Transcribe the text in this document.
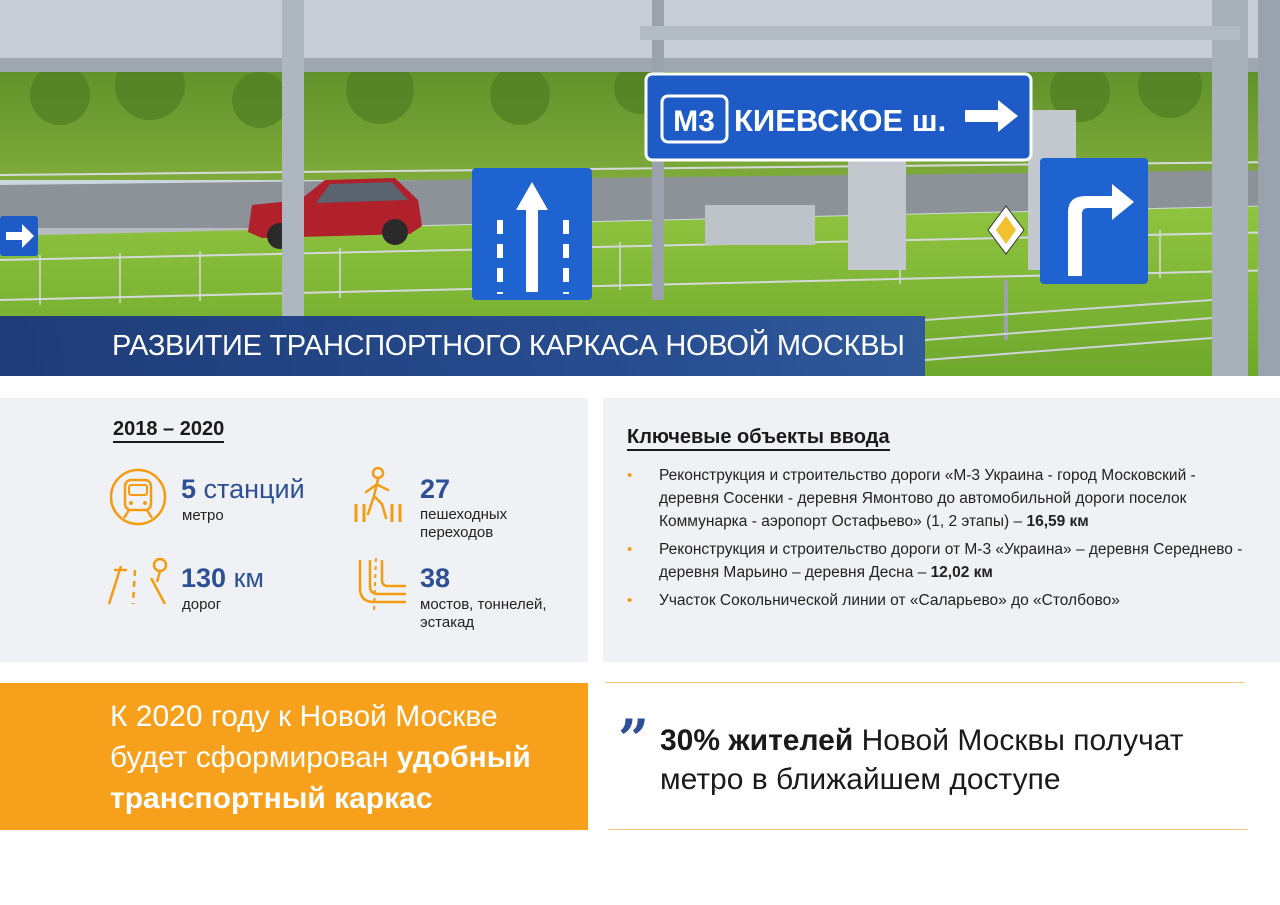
М3 КИЕВСКОЕ ш.
РАЗВИТИЕ ТРАНСПОРТНОГО КАРКАСА НОВОЙ МОСКВЫ
2018 – 2020
5 станций
метро
27
пешеходных переходов
130 км
дорог
38
мостов, тоннелей, эстакад
Ключевые объекты ввода
• Реконструкция и строительство дороги «М-3 Украина - город Московский - деревня Сосенки - деревня Ямонтово до автомобильной дороги поселок Коммунарка - аэропорт Остафьево» (1, 2 этапы) – 16,59 км
• Реконструкция и строительство дороги от М-3 «Украина» – деревня Середнево - деревня Марьино – деревня Десна – 12,02 км
• Участок Сокольнической линии от «Саларьево» до «Столбово»
К 2020 году к Новой Москве будет сформирован удобный транспортный каркас
” 30% жителей Новой Москвы получат метро в ближайшем доступе
